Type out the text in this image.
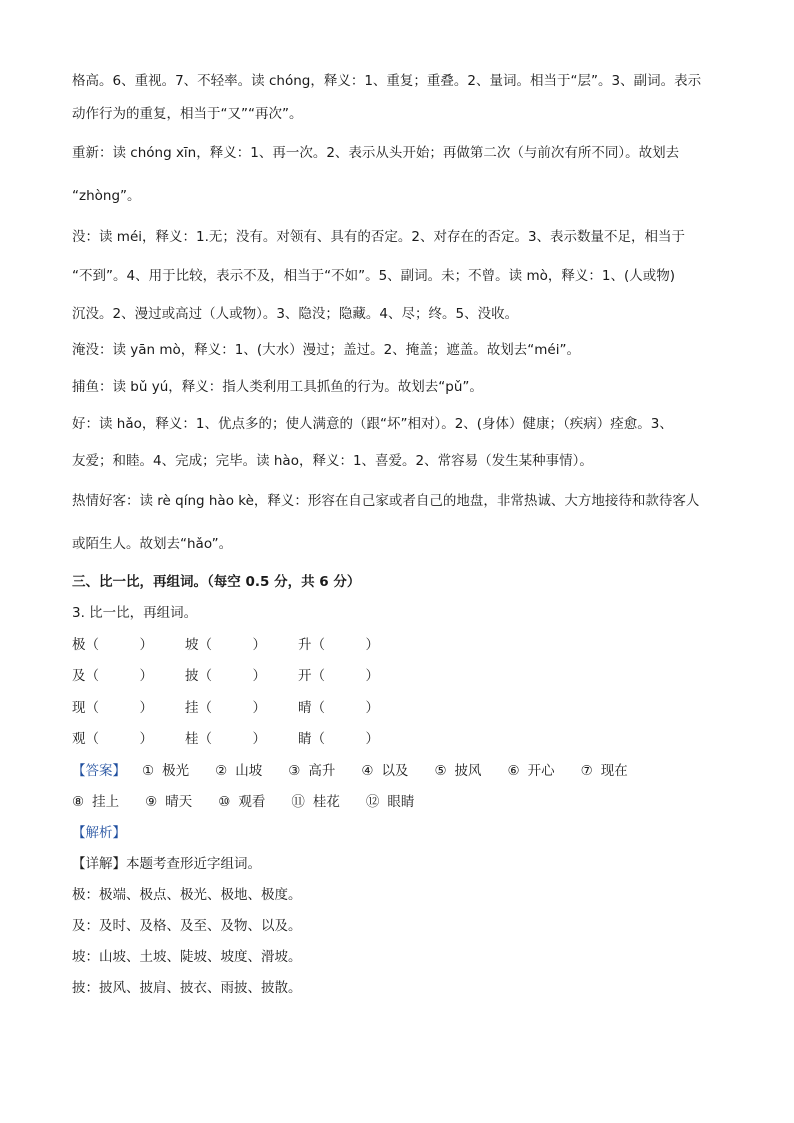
格高。6、重视。7、不轻率。读 chóng，释义：1、重复；重叠。2、量词。相当于“层”。3、副词。表示

动作行为的重复，相当于“又”“再次”。

重新：读 chóng xīn，释义：1、再一次。2、表示从头开始；再做第二次（与前次有所不同）。故划去

“zhòng”。

没：读 méi，释义：1.无；没有。对领有、具有的否定。2、对存在的否定。3、表示数量不足，相当于

“不到”。4、用于比较，表示不及，相当于“不如”。5、副词。未；不曾。读 mò，释义：1、(人或物)

沉没。2、漫过或高过（人或物）。3、隐没；隐藏。4、尽；终。5、没收。

淹没：读 yān mò，释义：1、(大水）漫过；盖过。2、掩盖；遮盖。故划去“méi”。

捕鱼：读 bǔ yú，释义：指人类利用工具抓鱼的行为。故划去“pǔ”。

好：读 hǎo，释义：1、优点多的；使人满意的（跟“坏”相对）。2、(身体）健康；（疾病）痊愈。3、

友爱；和睦。4、完成；完毕。读 hào，释义：1、喜爱。2、常容易（发生某种事情）。

热情好客：读 rè qíng hào kè，释义：形容在自己家或者自己的地盘，非常热诚、大方地接待和款待客人

或陌生人。故划去“hǎo”。

三、比一比，再组词。（每空 0.5 分，共 6 分）

3. 比一比，再组词。

极（　　　）	坡（　　　）	升（　　　）
及（　　　）	披（　　　）	开（　　　）
现（　　　）	挂（　　　）	晴（　　　）
观（　　　）	桂（　　　）	睛（　　　）
【答案】 ① 极光 ② 山坡 ③ 高升 ④ 以及 ⑤ 披风 ⑥ 开心 ⑦ 现在
⑧ 挂上 ⑨ 晴天 ⑩ 观看 ⑪ 桂花 ⑫ 眼睛

【解析】

【详解】本题考查形近字组词。

极：极端、极点、极光、极地、极度。

及：及时、及格、及至、及物、以及。

坡：山坡、土坡、陡坡、坡度、滑坡。

披：披风、披肩、披衣、雨披、披散。
